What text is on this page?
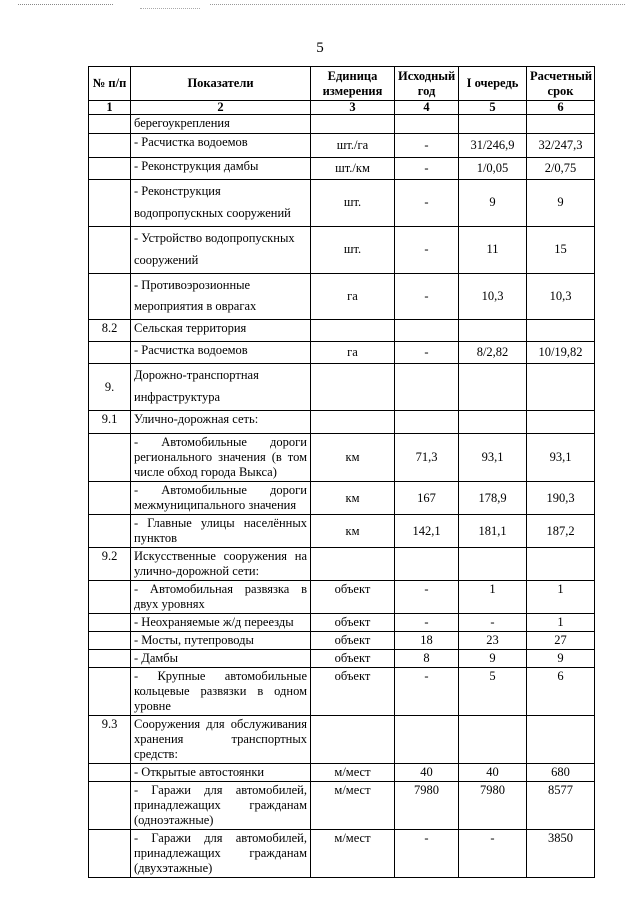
5
№ п/п	Показатели	Единица измерения	Исходный год	I очередь	Расчетный срок
1	2	3	4	5	6
	берегоукрепления				
	- Расчистка водоемов	шт./га	-	31/246,9	32/247,3
	- Реконструкция дамбы	шт./км	-	1/0,05	2/0,75
	- Реконструкция водопропускных сооружений	шт.	-	9	9
	- Устройство водопропускных сооружений	шт.	-	11	15
	- Противоэрозионные мероприятия в оврагах	га	-	10,3	10,3
8.2	Сельская территория				
	- Расчистка водоемов	га	-	8/2,82	10/19,82
9.	Дорожно-транспортная инфраструктура				
9.1	Улично-дорожная сеть:				
	- Автомобильные дороги регионального значения (в том числе обход города Выкса)	км	71,3	93,1	93,1
	- Автомобильные дороги межмуниципального значения	км	167	178,9	190,3
	- Главные улицы населённых пунктов	км	142,1	181,1	187,2
9.2	Искусственные сооружения на улично-дорожной сети:				
	- Автомобильная развязка в двух уровнях	объект	-	1	1
	- Неохраняемые ж/д переезды	объект	-	-	1
	- Мосты, путепроводы	объект	18	23	27
	- Дамбы	объект	8	9	9
	- Крупные автомобильные кольцевые развязки в одном уровне	объект	-	5	6
9.3	Сооружения для обслуживания хранения транспортных средств:				
	- Открытые автостоянки	м/мест	40	40	680
	- Гаражи для автомобилей, принадлежащих гражданам (одноэтажные)	м/мест	7980	7980	8577
	- Гаражи для автомобилей, принадлежащих гражданам (двухэтажные)	м/мест	-	-	3850
